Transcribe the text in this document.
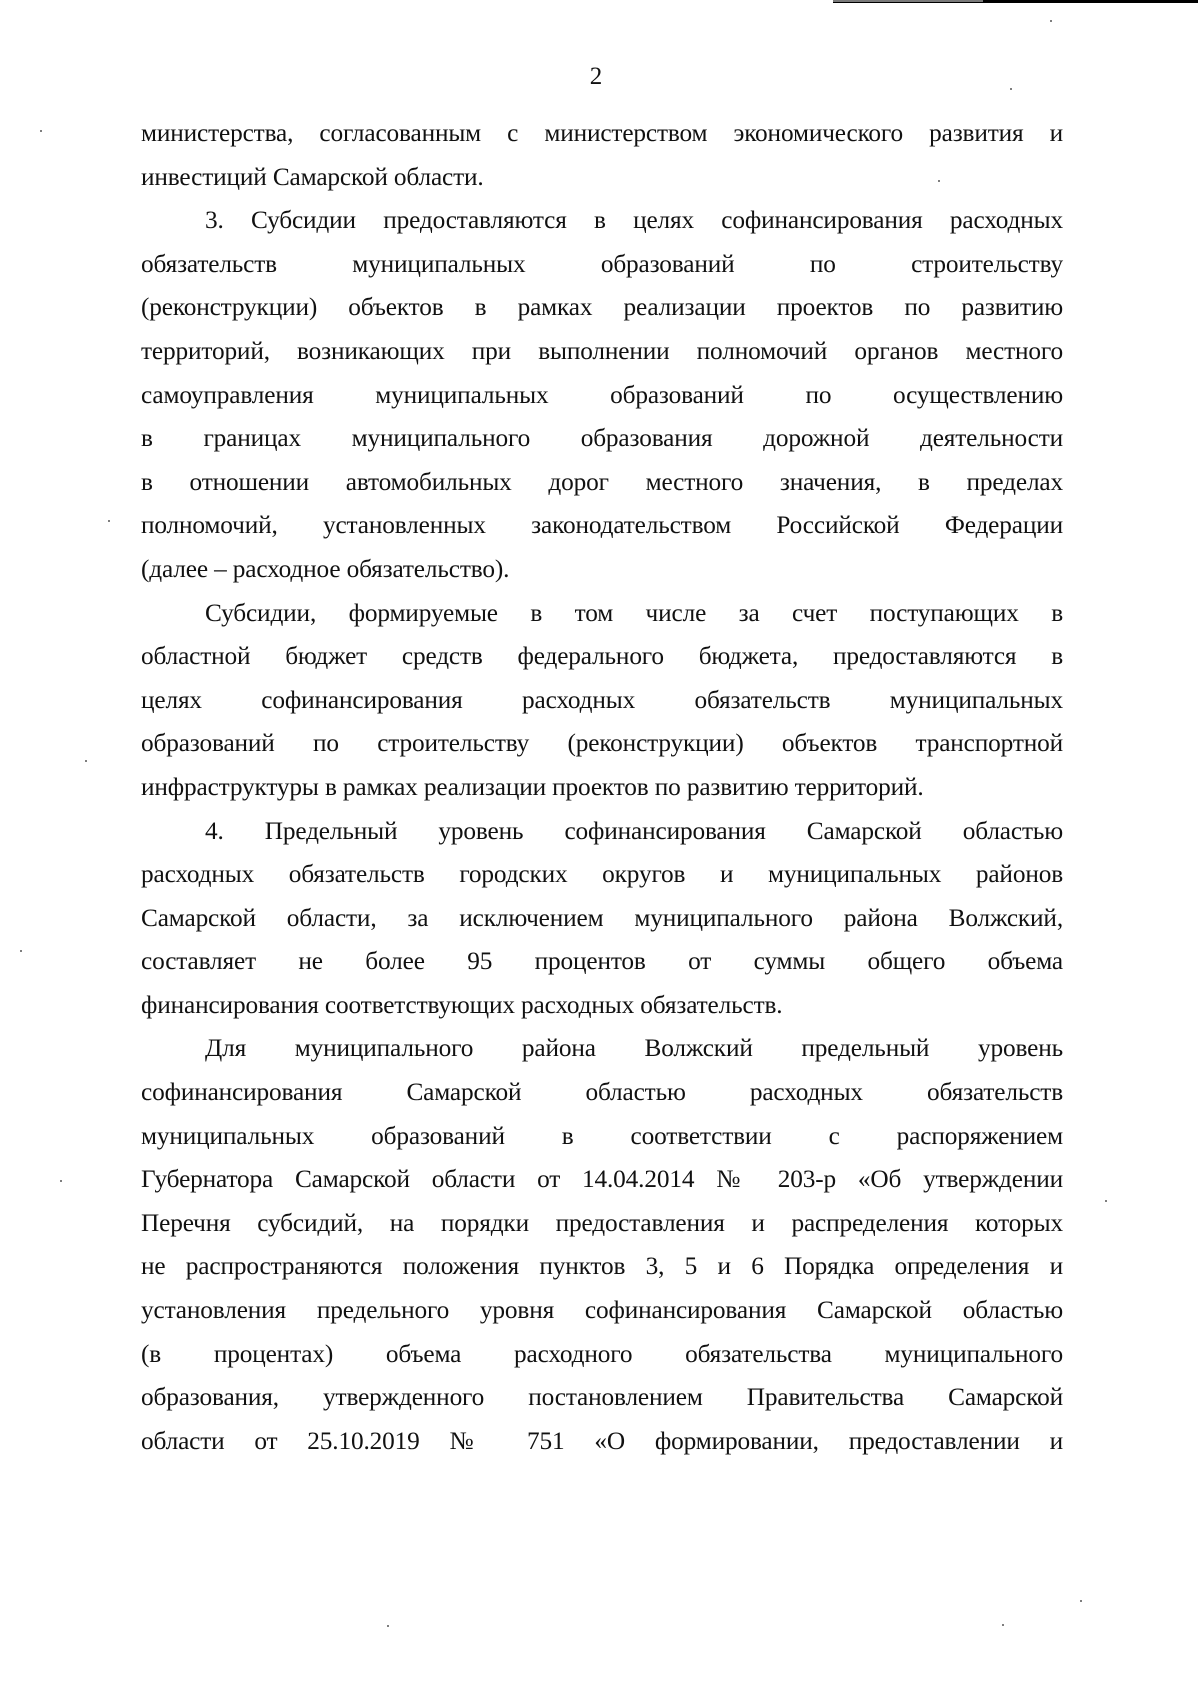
2
министерства, согласованным с министерством экономического развития и
инвестиций Самарской области.
3. Субсидии предоставляются в целях софинансирования расходных
обязательств муниципальных образований по строительству
(реконструкции) объектов в рамках реализации проектов по развитию
территорий, возникающих при выполнении полномочий органов местного
самоуправления муниципальных образований по осуществлению
в границах муниципального образования дорожной деятельности
в отношении автомобильных дорог местного значения, в пределах
полномочий, установленных законодательством Российской Федерации
(далее – расходное обязательство).
Субсидии, формируемые в том числе за счет поступающих в
областной бюджет средств федерального бюджета, предоставляются в
целях софинансирования расходных обязательств муниципальных
образований по строительству (реконструкции) объектов транспортной
инфраструктуры в рамках реализации проектов по развитию территорий.
4. Предельный уровень софинансирования Самарской областью
расходных обязательств городских округов и муниципальных районов
Самарской области, за исключением муниципального района Волжский,
составляет не более 95 процентов от суммы общего объема
финансирования соответствующих расходных обязательств.
Для муниципального района Волжский предельный уровень
софинансирования Самарской областью расходных обязательств
муниципальных образований в соответствии с распоряжением
Губернатора Самарской области от 14.04.2014 № 203-р «Об утверждении
Перечня субсидий, на порядки предоставления и распределения которых
не распространяются положения пунктов 3, 5 и 6 Порядка определения и
установления предельного уровня софинансирования Самарской областью
(в процентах) объема расходного обязательства муниципального
образования, утвержденного постановлением Правительства Самарской
области от 25.10.2019 № 751 «О формировании, предоставлении и
